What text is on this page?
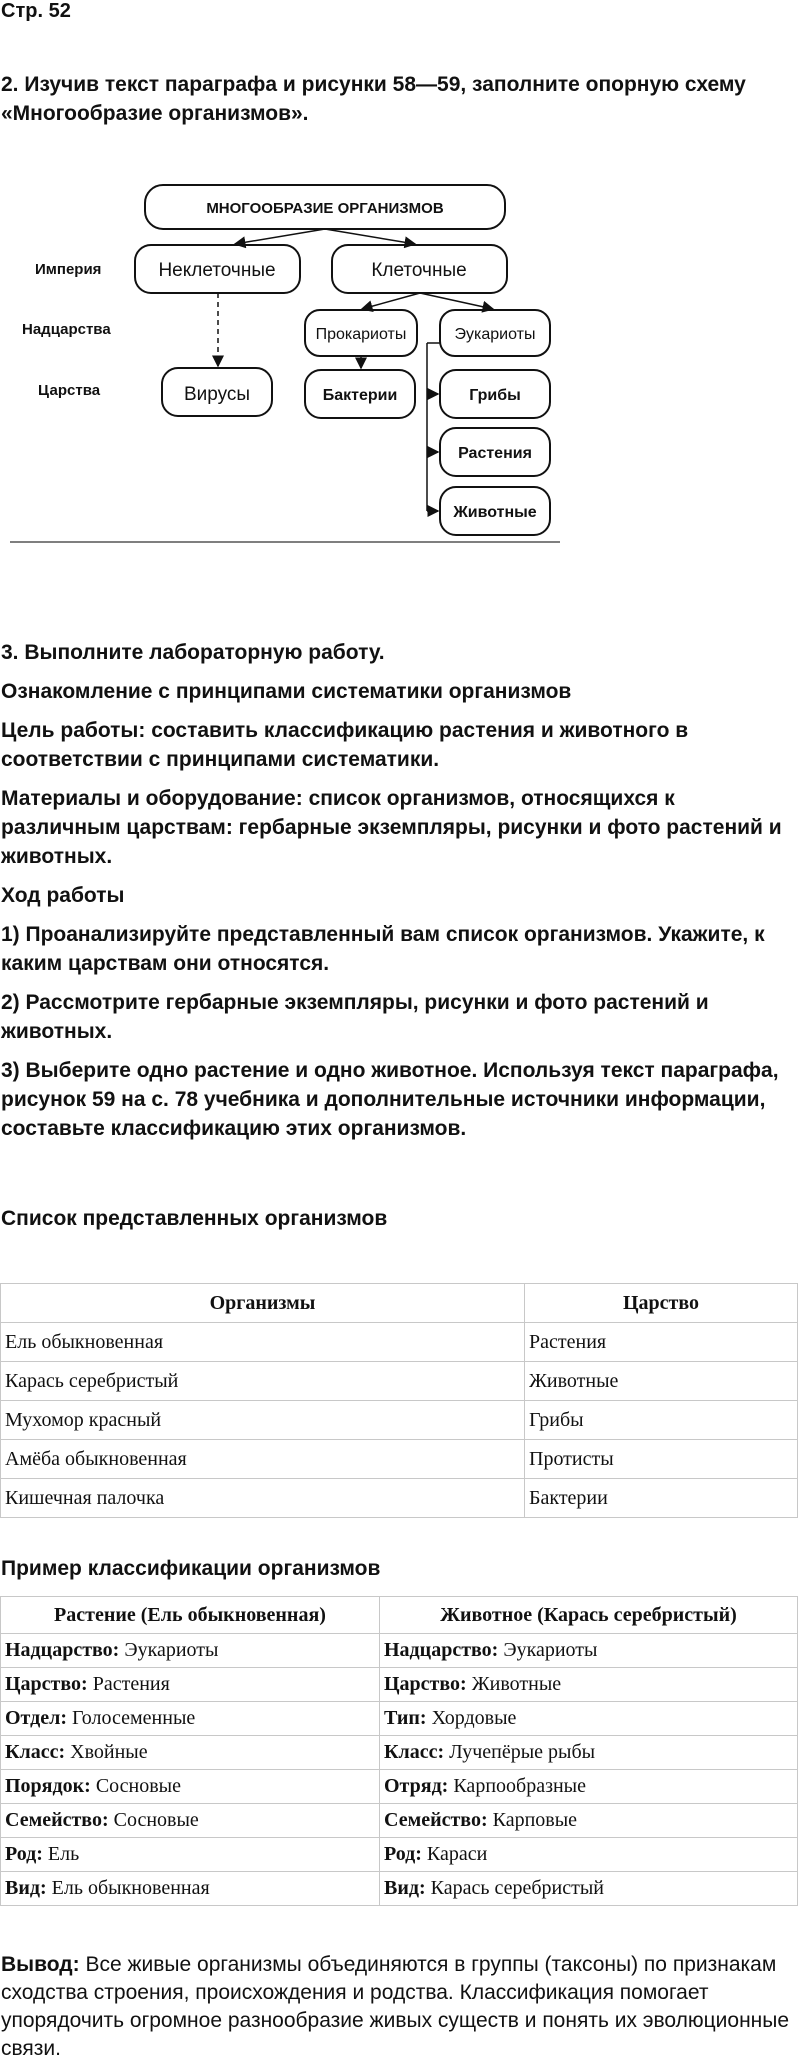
Стр. 52
2. Изучив текст параграфа и рисунки 58—59, заполните опорную схему «Многообразие организмов».
МНОГООБРАЗИЕ ОРГАНИЗМОВ
Империя
Надцарства
Царства
Неклеточные	Клеточные
Прокариоты	Эукариоты
Вирусы	Бактерии	Грибы
Растения
Животные

3. Выполните лабораторную работу.

Ознакомление с принципами систематики организмов

Цель работы: составить классификацию растения и животного в соответствии с принципами систематики.

Материалы и оборудование: список организмов, относящихся к различным царствам: гербарные экземпляры, рисунки и фото растений и животных.

Ход работы

1) Проанализируйте представленный вам список организмов. Укажите, к каким царствам они относятся.

2) Рассмотрите гербарные экземпляры, рисунки и фото растений и животных.

3) Выберите одно растение и одно животное. Используя текст параграфа, рисунок 59 на с. 78 учебника и дополнительные источники информации, составьте классификацию этих организмов.

Список представленных организмов
Организмы	Царство
Ель обыкновенная	Растения
Карась серебристый	Животные
Мухомор красный	Грибы
Амёба обыкновенная	Протисты
Кишечная палочка	Бактерии
Пример классификации организмов
Растение (Ель обыкновенная)	Животное (Карась серебристый)
Надцарство: Эукариоты	Надцарство: Эукариоты
Царство: Растения	Царство: Животные
Отдел: Голосеменные	Тип: Хордовые
Класс: Хвойные	Класс: Лучепёрые рыбы
Порядок: Сосновые	Отряд: Карпообразные
Семейство: Сосновые	Семейство: Карповые
Род: Ель	Род: Караси
Вид: Ель обыкновенная	Вид: Карась серебристый
Вывод: Все живые организмы объединяются в группы (таксоны) по признакам сходства строения, происхождения и родства. Классификация помогает упорядочить огромное разнообразие живых существ и понять их эволюционные связи.
